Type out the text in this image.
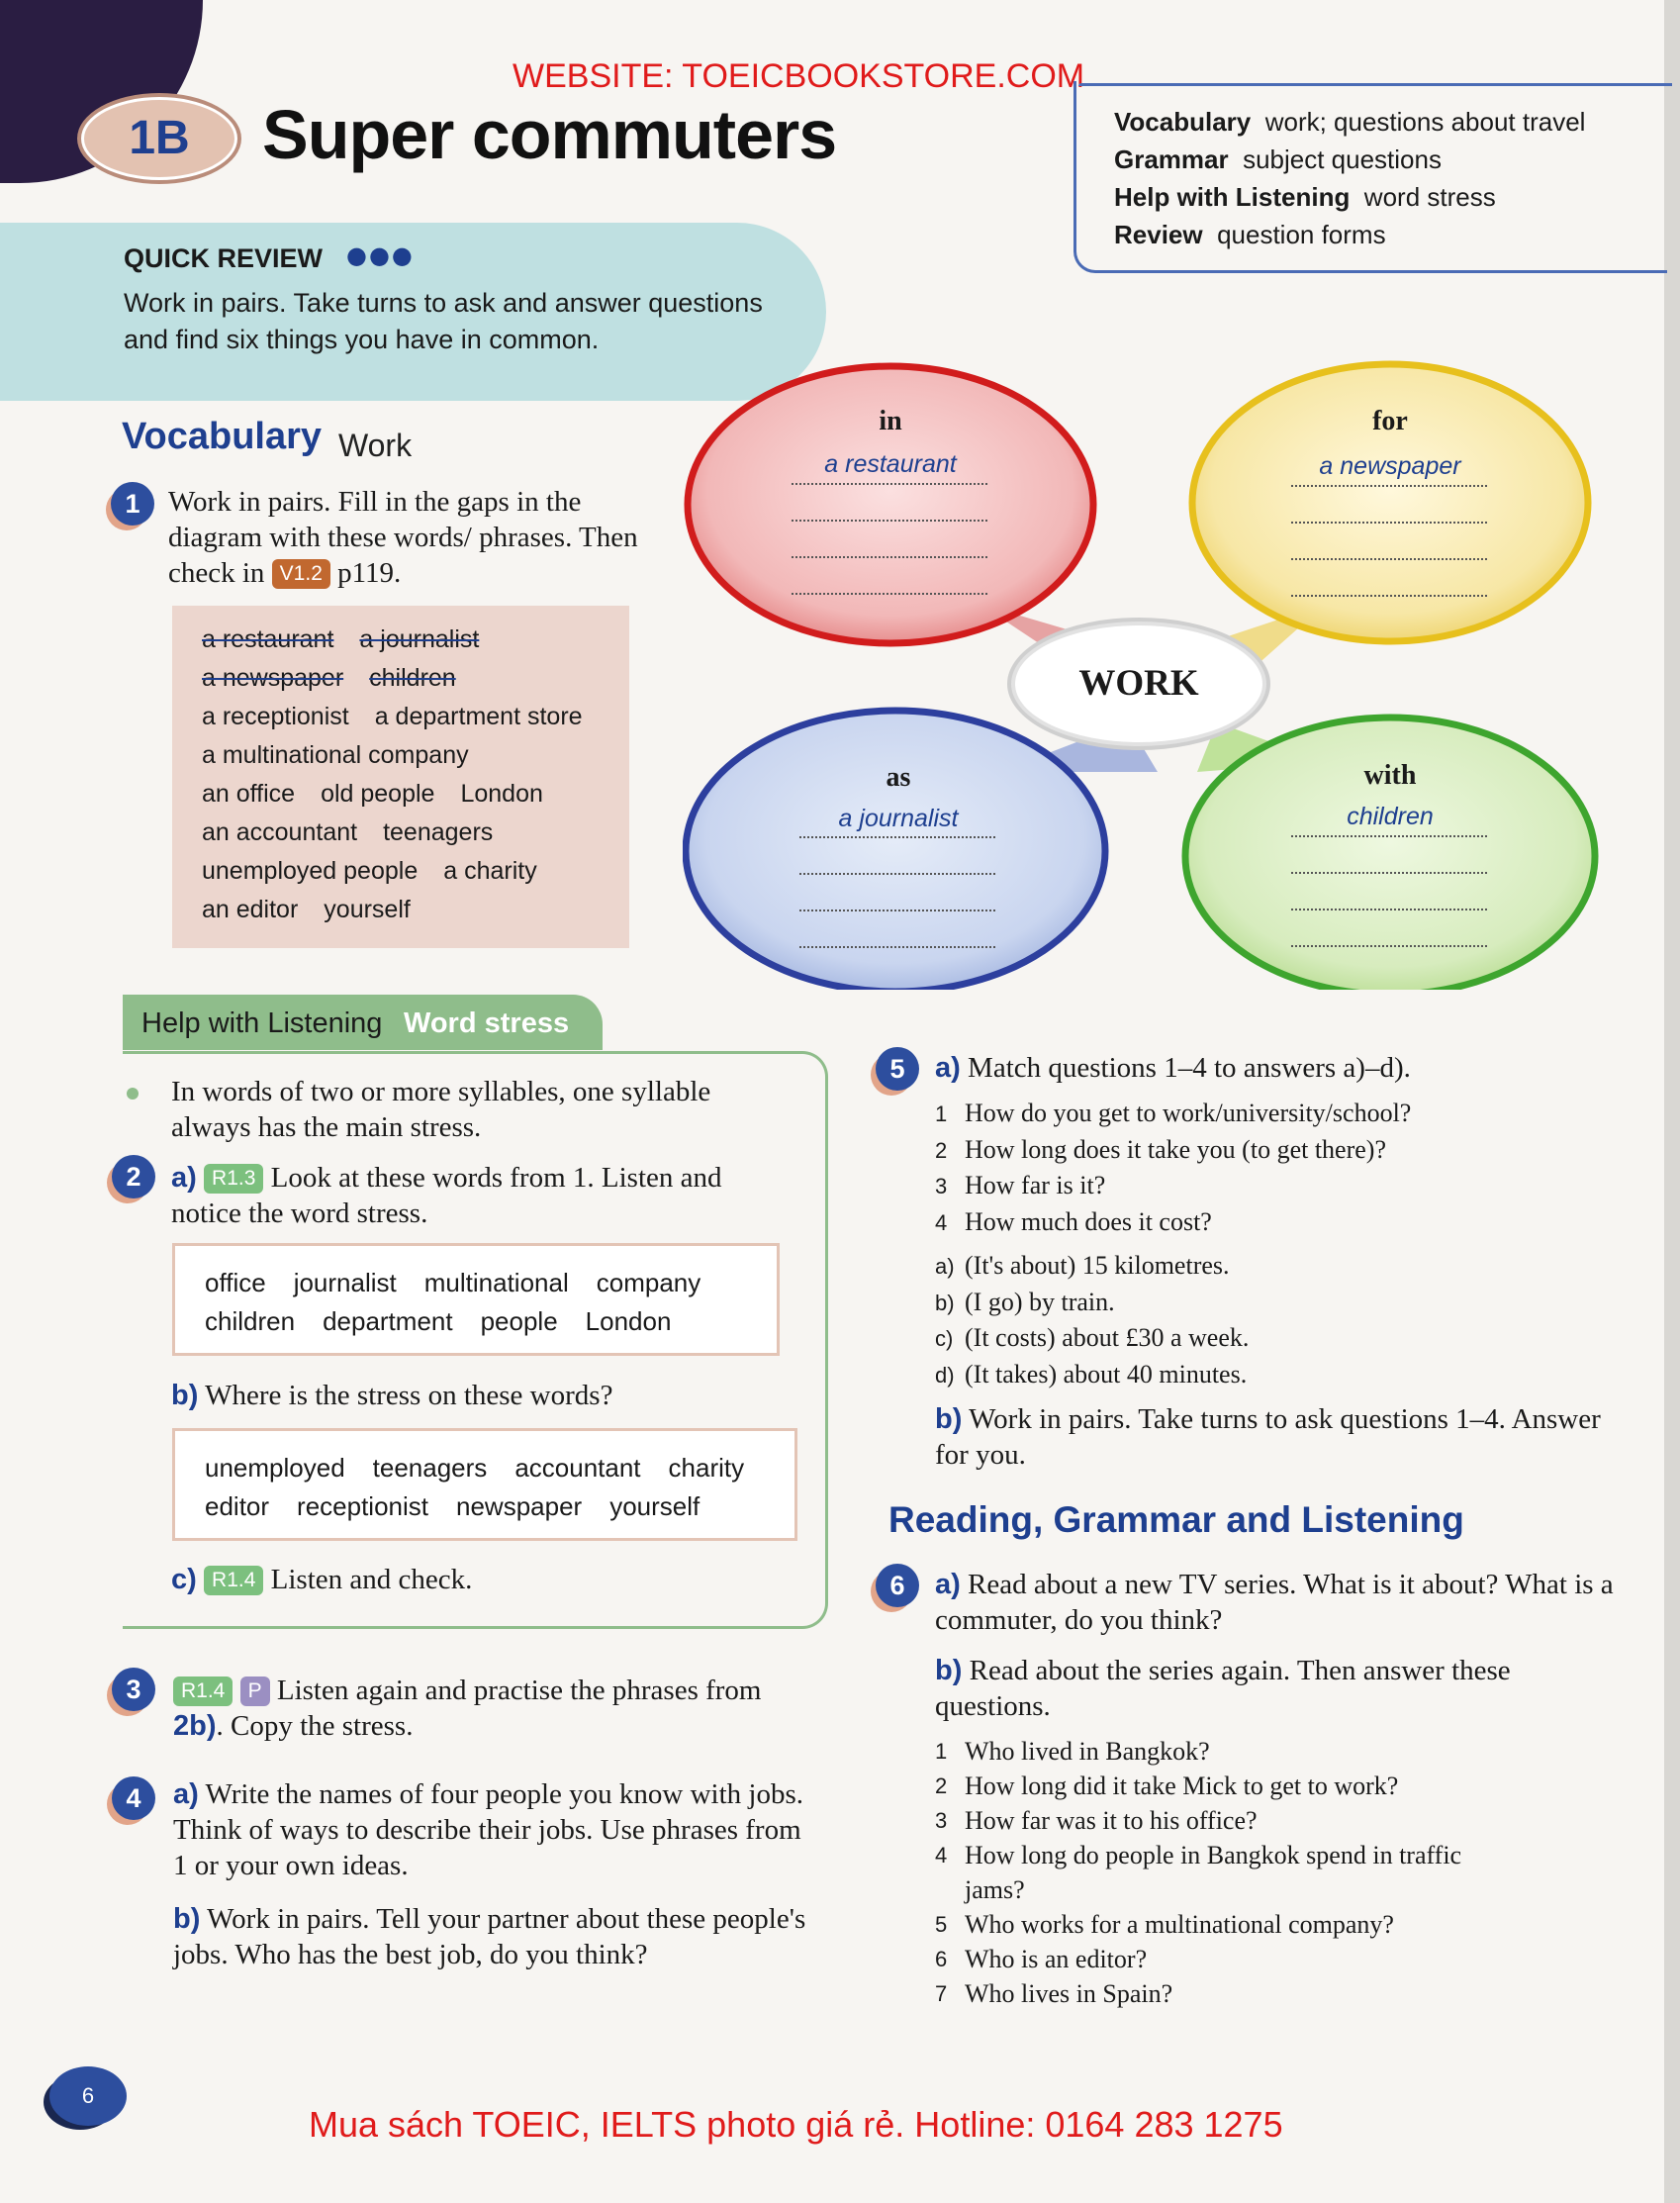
1B	Super commuters
WEBSITE: TOEICBOOKSTORE.COM
Vocabulary work; questions about travel
Grammar subject questions
Help with Listening word stress
Review question forms
QUICK REVIEW ●●●
Work in pairs. Take turns to ask and answer questions and find six things you have in common.
Vocabulary Work
1 Work in pairs. Fill in the gaps in the diagram with these words/ phrases. Then check in V1.2 p119.
a restaurant a journalist
a newspaper children
a receptionist a department store
a multinational company
an office old people London
an accountant teenagers
unemployed people a charity
an editor yourself
WORK
in
a restaurant
for
a newspaper
as
a journalist
with
children
Help with Listening Word stress
In words of two or more syllables, one syllable always has the main stress.
2	a) R1.3 Look at these words from 1. Listen and notice the word stress.
office journalist multinational company
children department people London
b) Where is the stress on these words?
unemployed teenagers accountant charity
editor receptionist newspaper yourself
c) R1.4 Listen and check.
3	R1.4 P Listen again and practise the phrases from 2b). Copy the stress.
4	a) Write the names of four people you know with jobs. Think of ways to describe their jobs. Use phrases from 1 or your own ideas.
b) Work in pairs. Tell your partner about these people's jobs. Who has the best job, do you think?
5	a) Match questions 1–4 to answers a)–d).
1 How do you get to work/university/school?
2 How long does it take you (to get there)?
3 How far is it?
4 How much does it cost?
a) (It's about) 15 kilometres.
b) (I go) by train.
c) (It costs) about £30 a week.
d) (It takes) about 40 minutes.
b) Work in pairs. Take turns to ask questions 1–4. Answer for you.
Reading, Grammar and Listening
6	a) Read about a new TV series. What is it about? What is a commuter, do you think?
b) Read about the series again. Then answer these questions.
1 Who lived in Bangkok?
2 How long did it take Mick to get to work?
3 How far was it to his office?
4 How long do people in Bangkok spend in traffic jams?
5 Who works for a multinational company?
6 Who is an editor?
7 Who lives in Spain?
6
Mua sách TOEIC, IELTS photo giá rẻ. Hotline: 0164 283 1275
